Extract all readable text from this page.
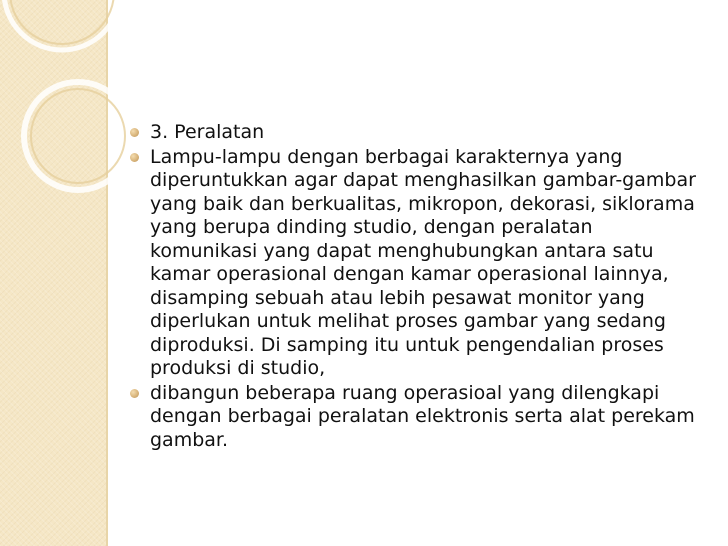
3. Peralatan
Lampu-lampu dengan berbagai karakternya yang diperuntukkan agar dapat menghasilkan gambar-gambar yang baik dan berkualitas, mikropon, dekorasi, siklorama yang berupa dinding studio, dengan peralatan komunikasi yang dapat menghubungkan antara satu kamar operasional dengan kamar operasional lainnya, disamping sebuah atau lebih pesawat monitor yang diperlukan untuk melihat proses gambar yang sedang diproduksi. Di samping itu untuk pengendalian proses produksi di studio,
dibangun beberapa ruang operasioal yang dilengkapi dengan berbagai peralatan elektronis serta alat perekam gambar.
